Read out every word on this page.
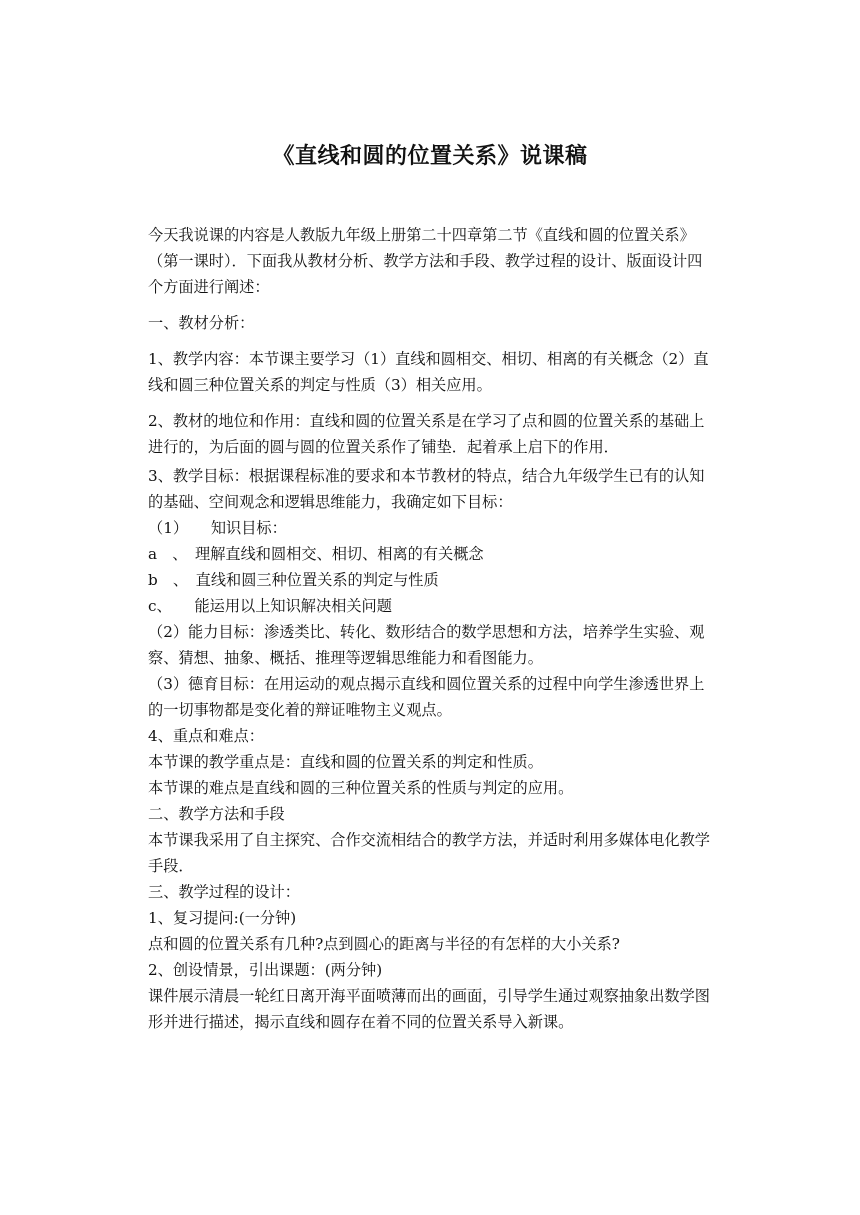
《直线和圆的位置关系》说课稿

今天我说课的内容是人教版九年级上册第二十四章第二节《直线和圆的位置关系》（第一课时）．下面我从教材分析、教学方法和手段、教学过程的设计、版面设计四个方面进行阐述：

一、教材分析：

1、教学内容：本节课主要学习（1）直线和圆相交、相切、相离的有关概念（2）直线和圆三种位置关系的判定与性质（3）相关应用。

2、教材的地位和作用：直线和圆的位置关系是在学习了点和圆的位置关系的基础上进行的，为后面的圆与圆的位置关系作了铺垫．起着承上启下的作用．

3、教学目标：根据课程标准的要求和本节教材的特点，结合九年级学生已有的认知的基础、空间观念和逻辑思维能力，我确定如下目标：

（1）　　知识目标：

a　、　理解直线和圆相交、相切、相离的有关概念

b　、　直线和圆三种位置关系的判定与性质

c、　　能运用以上知识解决相关问题

（2）能力目标：渗透类比、转化、数形结合的数学思想和方法，培养学生实验、观察、猜想、抽象、概括、推理等逻辑思维能力和看图能力。

（3）德育目标：在用运动的观点揭示直线和圆位置关系的过程中向学生渗透世界上的一切事物都是变化着的辩证唯物主义观点。

4、重点和难点：

本节课的教学重点是：直线和圆的位置关系的判定和性质。

本节课的难点是直线和圆的三种位置关系的性质与判定的应用。

二、教学方法和手段

本节课我采用了自主探究、合作交流相结合的教学方法，并适时利用多媒体电化教学手段．

三、教学过程的设计：

1、复习提问:(一分钟)

点和圆的位置关系有几种?点到圆心的距离与半径的有怎样的大小关系?

2、创设情景，引出课题：(两分钟)

课件展示清晨一轮红日离开海平面喷薄而出的画面，引导学生通过观察抽象出数学图形并进行描述，揭示直线和圆存在着不同的位置关系导入新课。
